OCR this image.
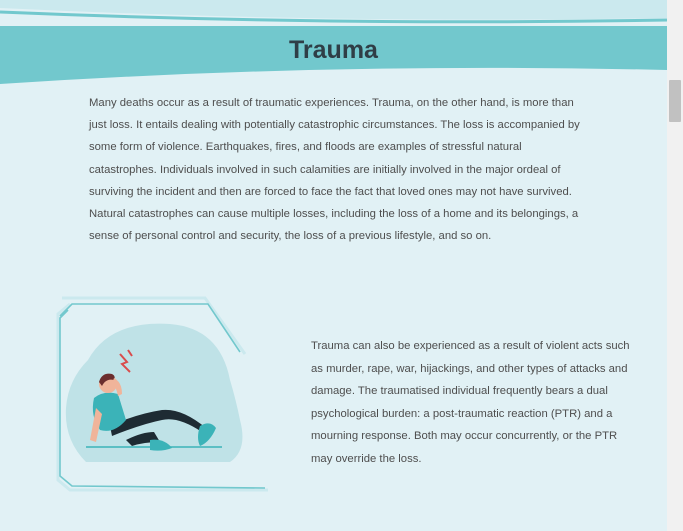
Trauma

Many deaths occur as a result of traumatic experiences. Trauma, on the other hand, is more than just loss. It entails dealing with potentially catastrophic circumstances. The loss is accompanied by some form of violence. Earthquakes, fires, and floods are examples of stressful natural catastrophes. Individuals involved in such calamities are initially involved in the major ordeal of surviving the incident and then are forced to face the fact that loved ones may not have survived. Natural catastrophes can cause multiple losses, including the loss of a home and its belongings, a sense of personal control and security, the loss of a previous lifestyle, and so on.

Trauma can also be experienced as a result of violent acts such as murder, rape, war, hijackings, and other types of attacks and damage. The traumatised individual frequently bears a dual psychological burden: a post-traumatic reaction (PTR) and a mourning response. Both may occur concurrently, or the PTR may override the loss.
